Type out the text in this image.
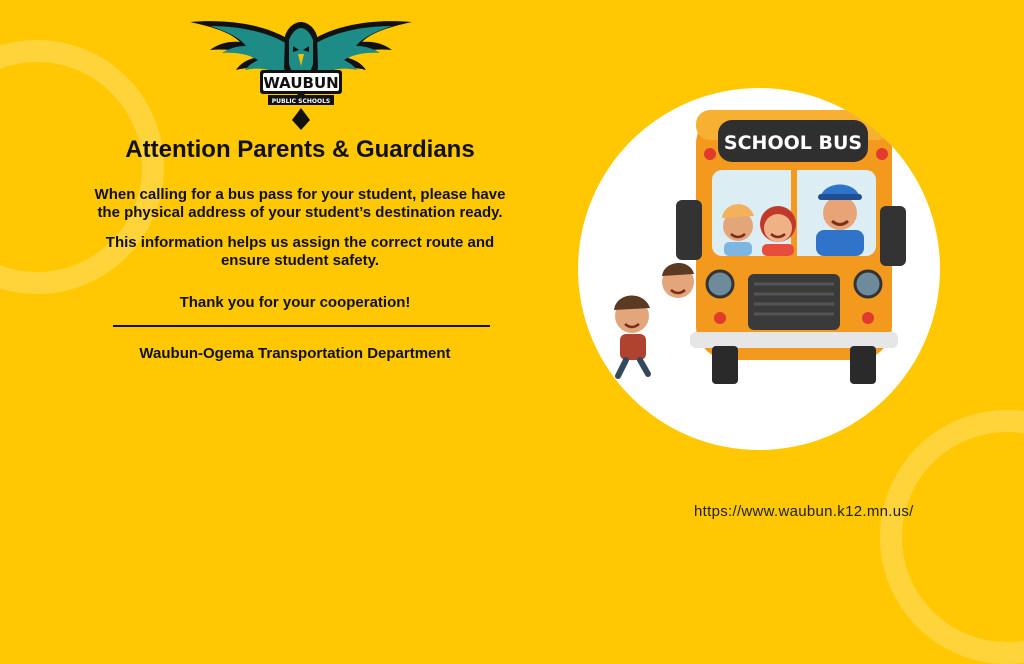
WAUBUN
PUBLIC SCHOOLS
Attention Parents & Guardians
When calling for a bus pass for your student, please have
the physical address of your student’s destination ready.
This information helps us assign the correct route and
ensure student safety.
Thank you for your cooperation!
Waubun-Ogema Transportation Department
SCHOOL BUS
https://www.waubun.k12.mn.us/
